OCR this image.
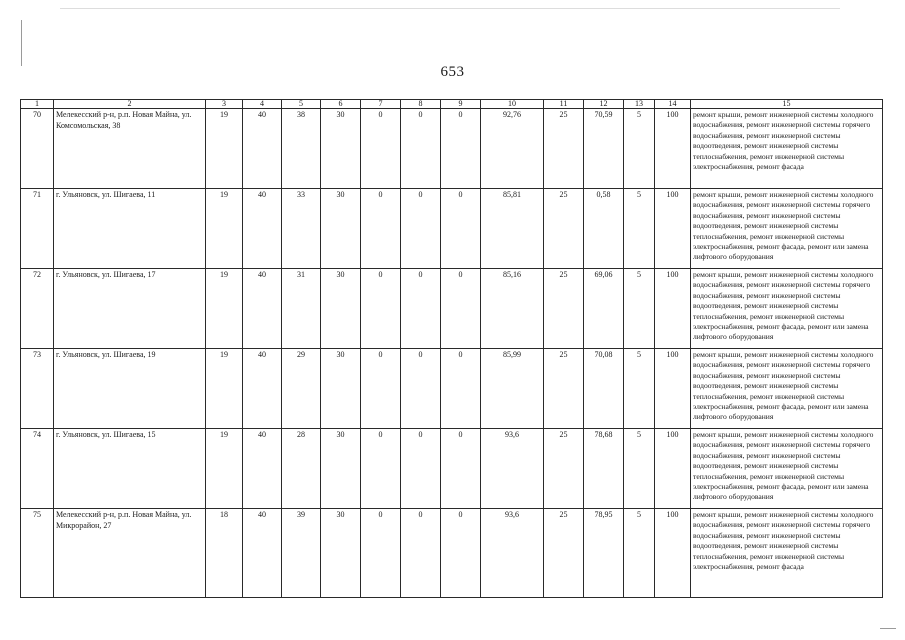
653
1	2	3	4	5	6	7	8	9	10	11	12	13	14	15
70	Мелекесский р-н, р.п. Новая Майна, ул. Комсомольская, 38	19	40	38	30	0	0	0	92,76	25	70,59	5	100	ремонт крыши, ремонт инженерной системы холодного водоснабжения, ремонт инженерной системы горячего водоснабжения, ремонт инженерной системы водоотведения, ремонт инженерной системы теплоснабжения, ремонт инженерной системы электроснабжения, ремонт фасада
71	г. Ульяновск, ул. Шигаева, 11	19	40	33	30	0	0	0	85,81	25	0,58	5	100	ремонт крыши, ремонт инженерной системы холодного водоснабжения, ремонт инженерной системы горячего водоснабжения, ремонт инженерной системы водоотведения, ремонт инженерной системы теплоснабжения, ремонт инженерной системы электроснабжения, ремонт фасада, ремонт или замена лифтового оборудования
72	г. Ульяновск, ул. Шигаева, 17	19	40	31	30	0	0	0	85,16	25	69,06	5	100	ремонт крыши, ремонт инженерной системы холодного водоснабжения, ремонт инженерной системы горячего водоснабжения, ремонт инженерной системы водоотведения, ремонт инженерной системы теплоснабжения, ремонт инженерной системы электроснабжения, ремонт фасада, ремонт или замена лифтового оборудования
73	г. Ульяновск, ул. Шигаева, 19	19	40	29	30	0	0	0	85,99	25	70,08	5	100	ремонт крыши, ремонт инженерной системы холодного водоснабжения, ремонт инженерной системы горячего водоснабжения, ремонт инженерной системы водоотведения, ремонт инженерной системы теплоснабжения, ремонт инженерной системы электроснабжения, ремонт фасада, ремонт или замена лифтового оборудования
74	г. Ульяновск, ул. Шигаева, 15	19	40	28	30	0	0	0	93,6	25	78,68	5	100	ремонт крыши, ремонт инженерной системы холодного водоснабжения, ремонт инженерной системы горячего водоснабжения, ремонт инженерной системы водоотведения, ремонт инженерной системы теплоснабжения, ремонт инженерной системы электроснабжения, ремонт фасада, ремонт или замена лифтового оборудования
75	Мелекесский р-н, р.п. Новая Майна, ул. Микрорайон, 27	18	40	39	30	0	0	0	93,6	25	78,95	5	100	ремонт крыши, ремонт инженерной системы холодного водоснабжения, ремонт инженерной системы горячего водоснабжения, ремонт инженерной системы водоотведения, ремонт инженерной системы теплоснабжения, ремонт инженерной системы электроснабжения, ремонт фасада
